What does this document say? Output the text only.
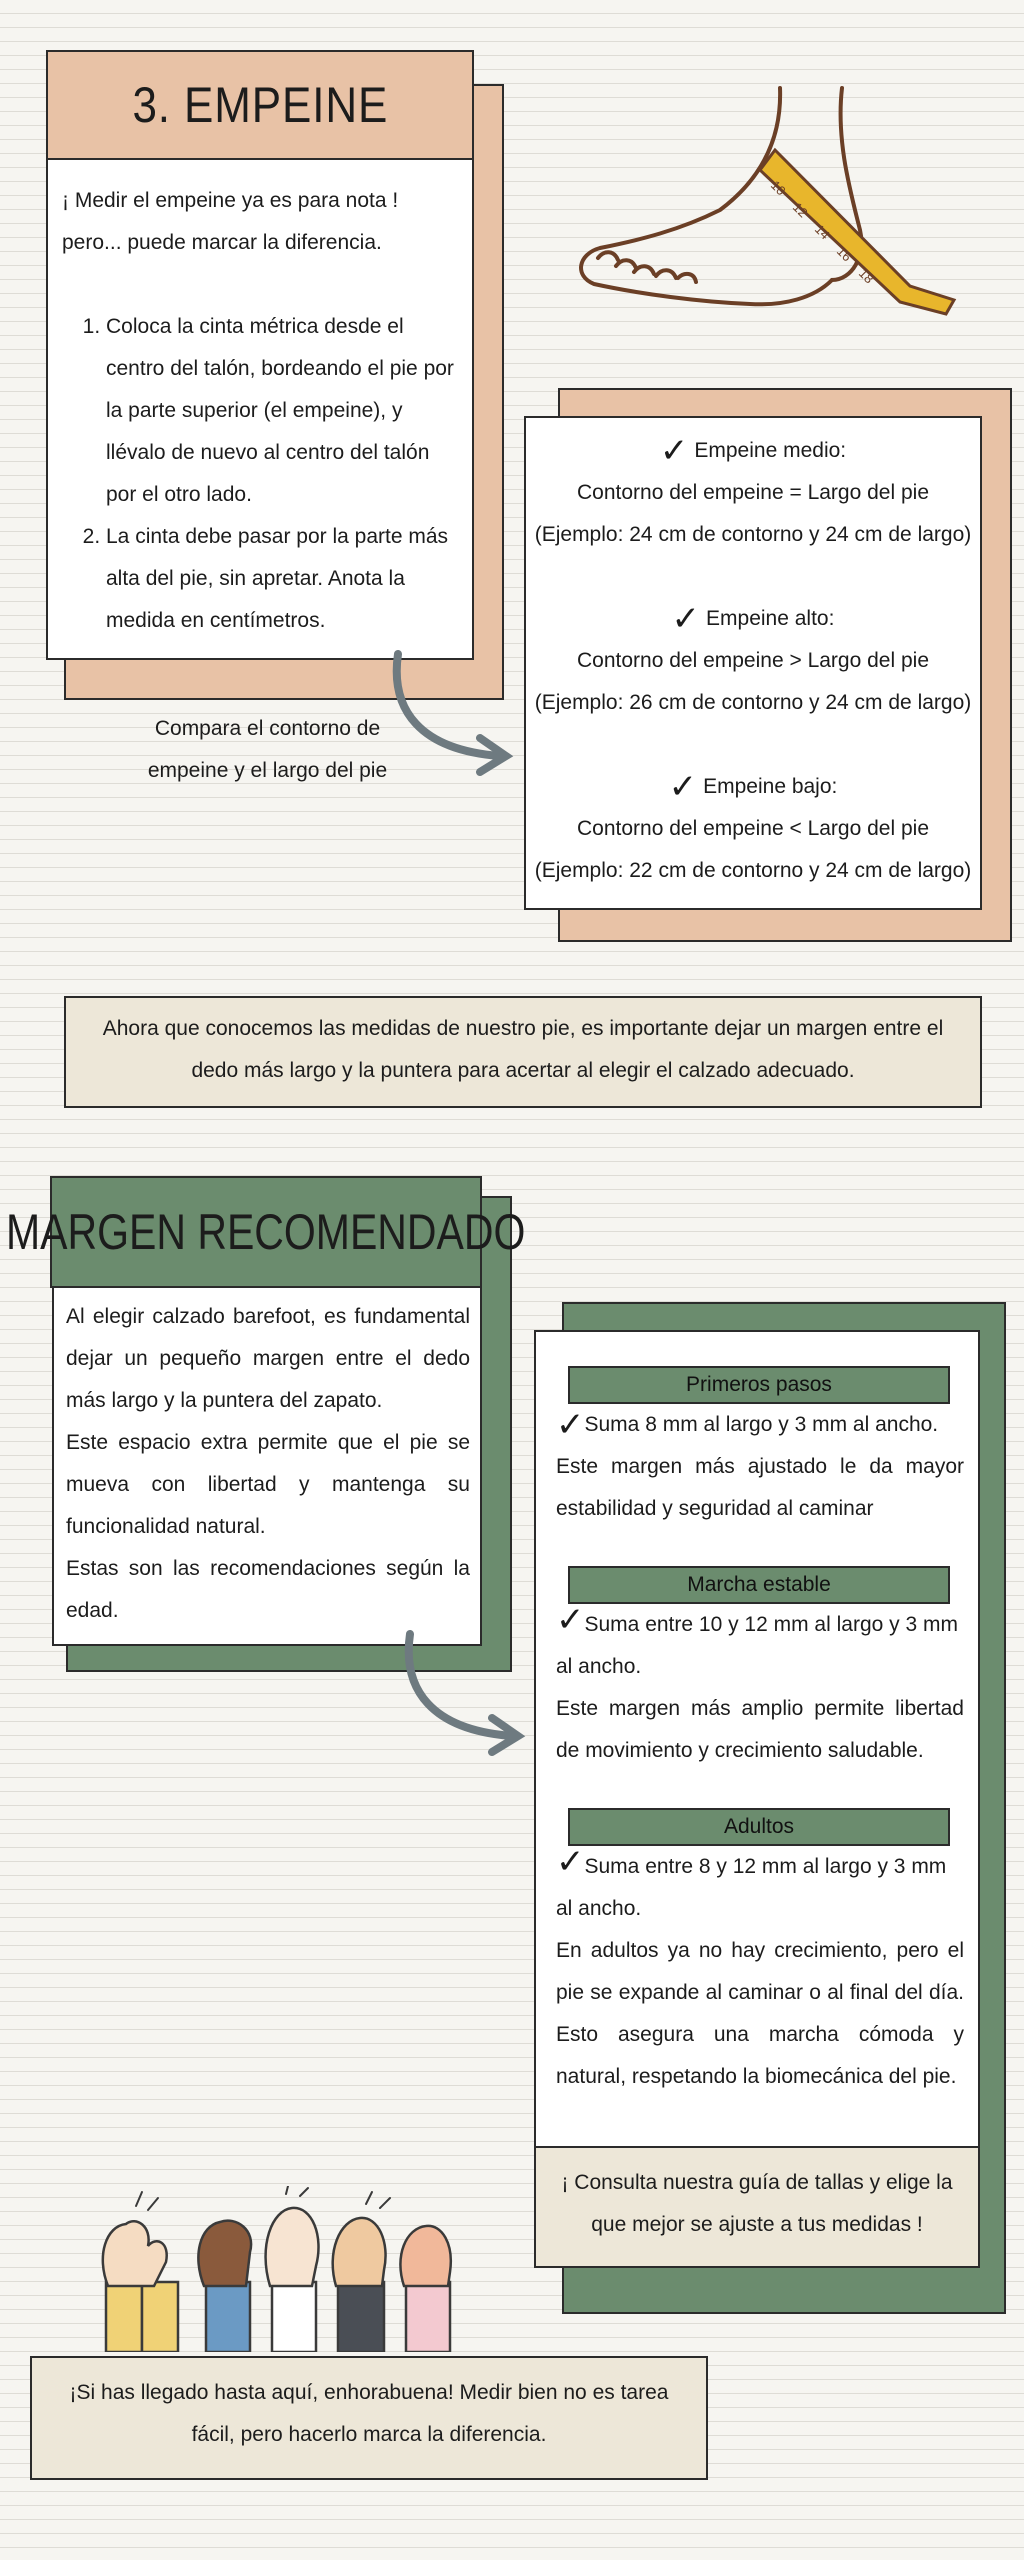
3. EMPEINE
¡ Medir el empeine ya es para nota ! pero... puede marcar la diferencia.
1. Coloca la cinta métrica desde el centro del talón, bordeando el pie por la parte superior (el empeine), y llévalo de nuevo al centro del talón por el otro lado.
2. La cinta debe pasar por la parte más alta del pie, sin apretar. Anota la medida en centímetros.
10
12
14
16
18
Compara el contorno de empeine y el largo del pie
✓ Empeine medio:
Contorno del empeine = Largo del pie
(Ejemplo: 24 cm de contorno y 24 cm de largo)
✓ Empeine alto:
Contorno del empeine > Largo del pie
(Ejemplo: 26 cm de contorno y 24 cm de largo)
✓ Empeine bajo:
Contorno del empeine < Largo del pie
(Ejemplo: 22 cm de contorno y 24 cm de largo)
Ahora que conocemos las medidas de nuestro pie, es importante dejar un margen entre el dedo más largo y la puntera para acertar al elegir el calzado adecuado.
MARGEN RECOMENDADO
Al elegir calzado barefoot, es fundamental dejar un pequeño margen entre el dedo más largo y la puntera del zapato.
Este espacio extra permite que el pie se mueva con libertad y mantenga su funcionalidad natural.
Estas son las recomendaciones según la edad.
Primeros pasos
✓ Suma 8 mm al largo y 3 mm al ancho.
Este margen más ajustado le da mayor estabilidad y seguridad al caminar
Marcha estable
✓Suma entre 10 y 12 mm al largo y 3 mm al ancho.
Este margen más amplio permite libertad de movimiento y crecimiento saludable.
Adultos
✓Suma entre 8 y 12 mm al largo y 3 mm al ancho.
En adultos ya no hay crecimiento, pero el pie se expande al caminar o al final del día. Esto asegura una marcha cómoda y natural, respetando la biomecánica del pie.
¡ Consulta nuestra guía de tallas y elige la que mejor se ajuste a tus medidas !
¡Si has llegado hasta aquí, enhorabuena! Medir bien no es tarea fácil, pero hacerlo marca la diferencia.
